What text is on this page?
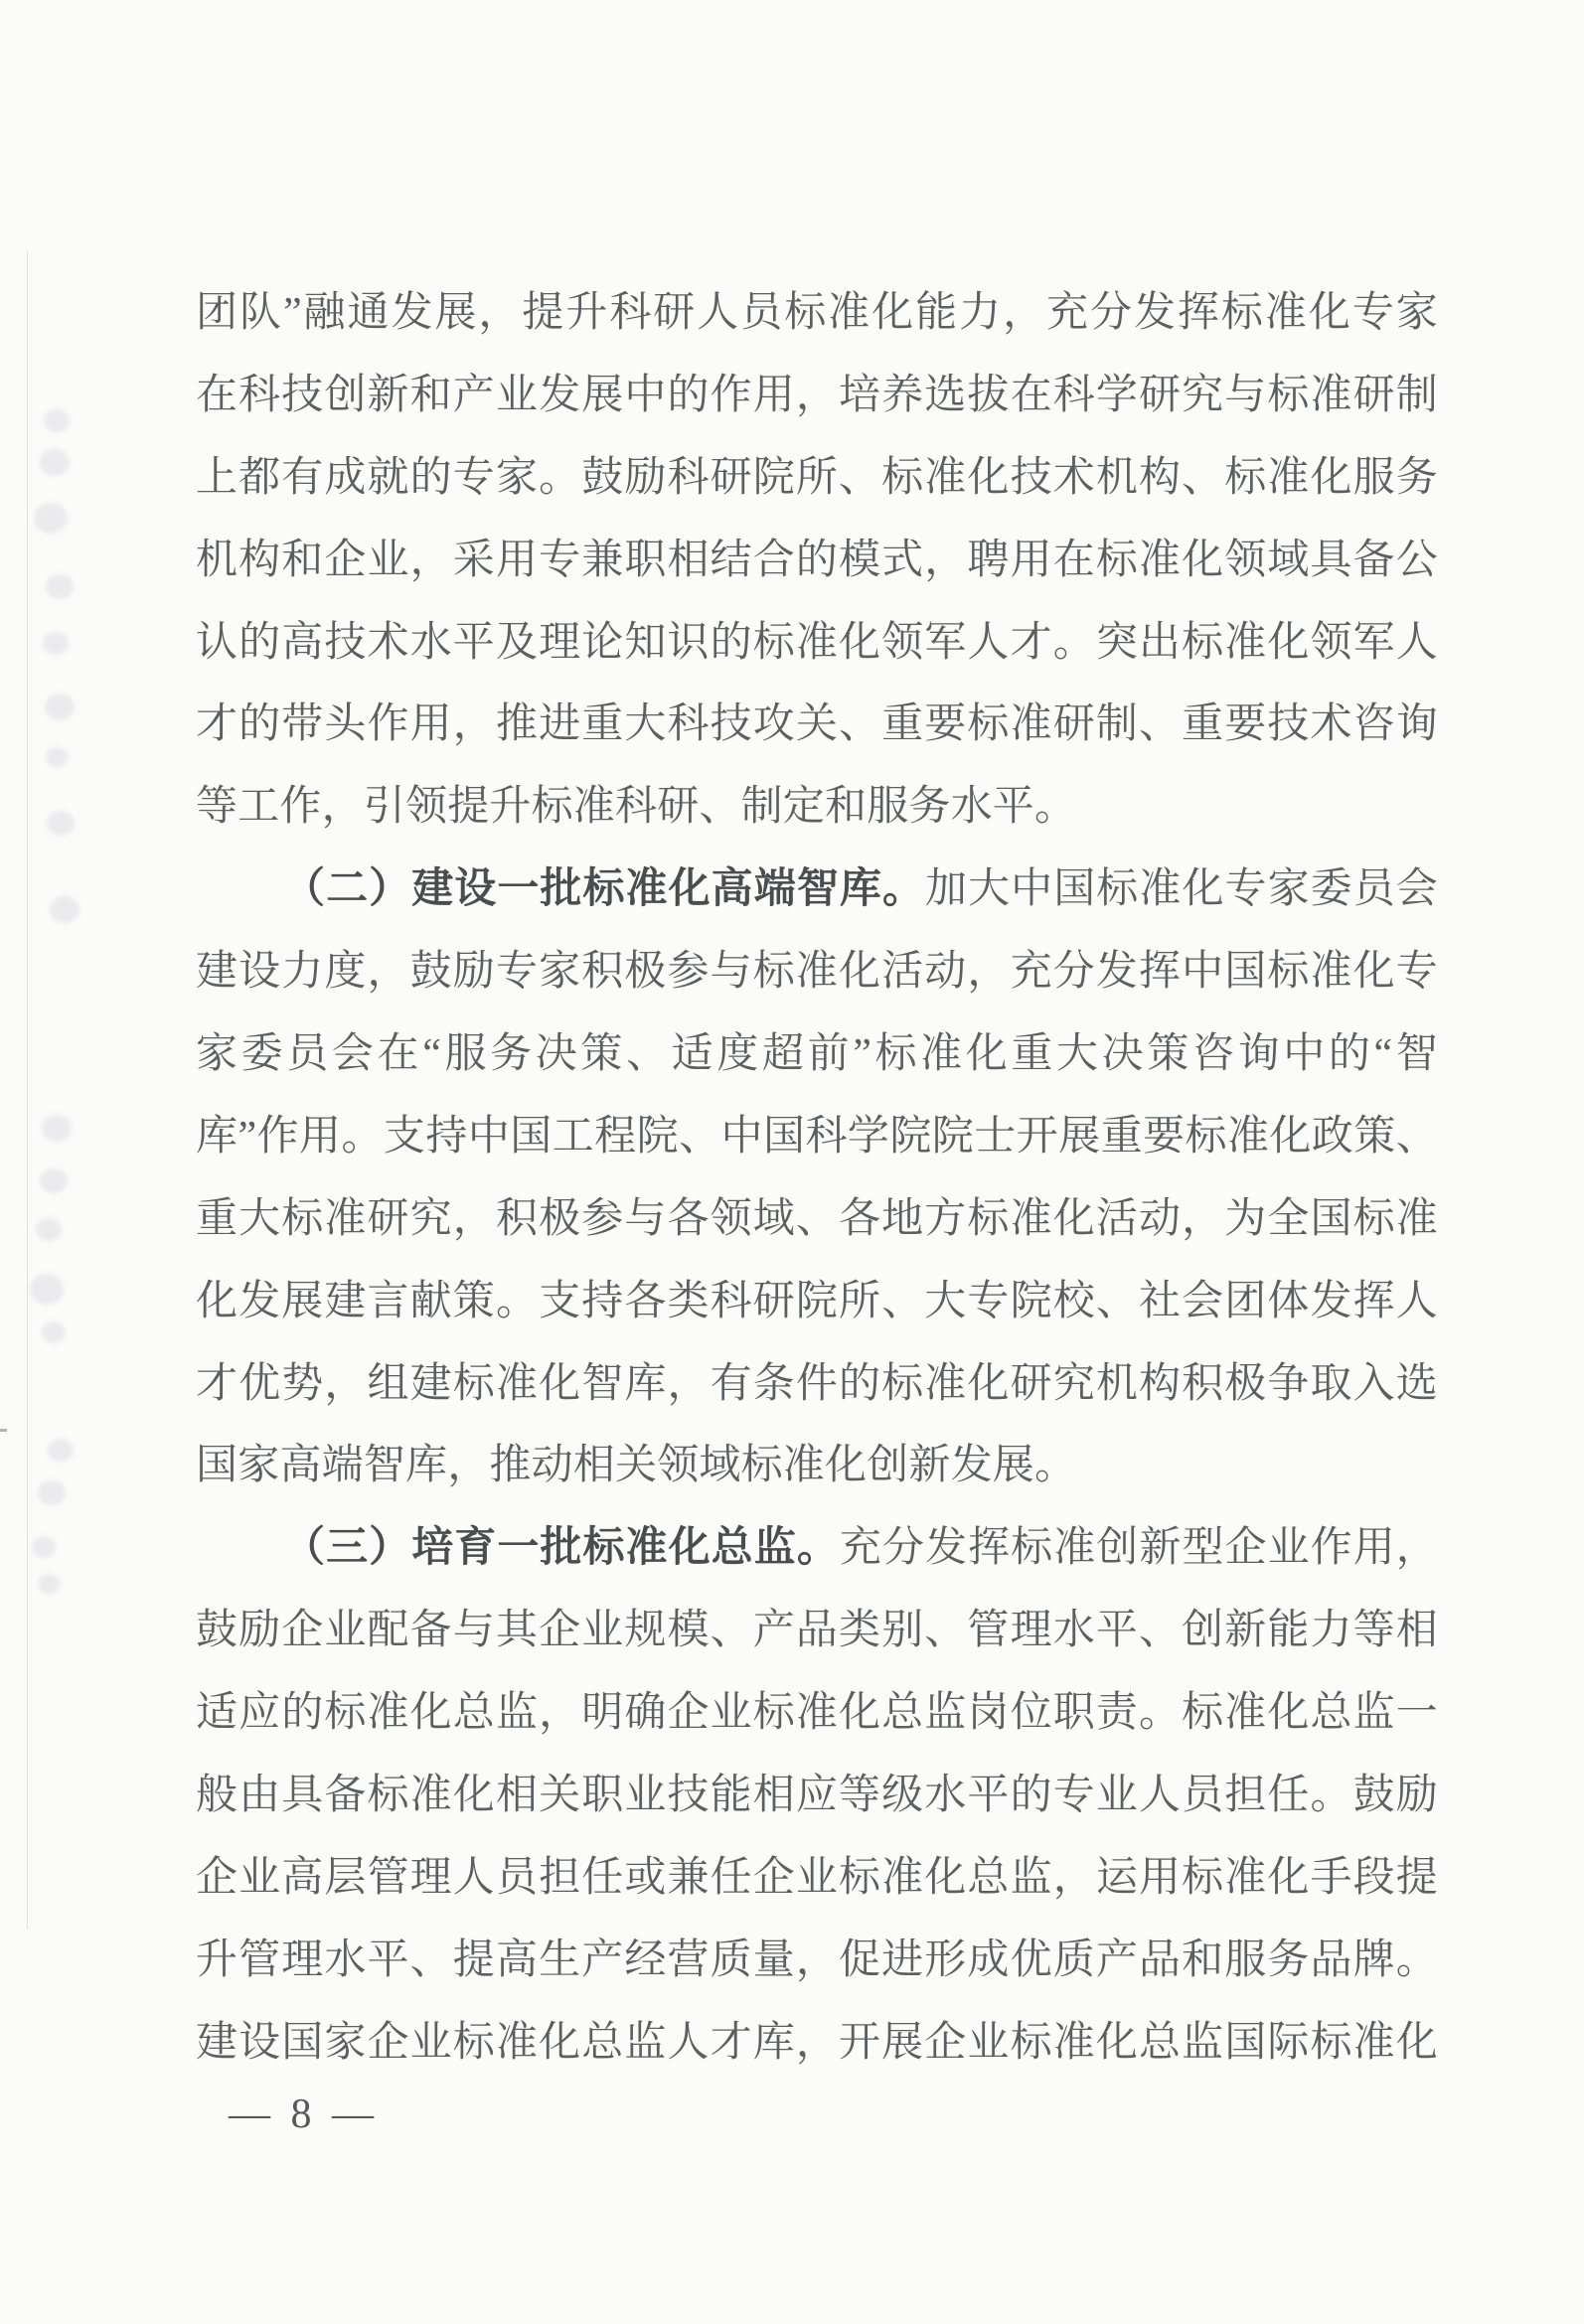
团队”融通发展，提升科研人员标准化能力，充分发挥标准化专家
在科技创新和产业发展中的作用，培养选拔在科学研究与标准研制
上都有成就的专家。鼓励科研院所、标准化技术机构、标准化服务
机构和企业，采用专兼职相结合的模式，聘用在标准化领域具备公
认的高技术水平及理论知识的标准化领军人才。突出标准化领军人
才的带头作用，推进重大科技攻关、重要标准研制、重要技术咨询
等工作，引领提升标准科研、制定和服务水平。
（二）建设一批标准化高端智库。加大中国标准化专家委员会
建设力度，鼓励专家积极参与标准化活动，充分发挥中国标准化专
家委员会在“服务决策、适度超前”标准化重大决策咨询中的“智
库”作用。支持中国工程院、中国科学院院士开展重要标准化政策、
重大标准研究，积极参与各领域、各地方标准化活动，为全国标准
化发展建言献策。支持各类科研院所、大专院校、社会团体发挥人
才优势，组建标准化智库，有条件的标准化研究机构积极争取入选
国家高端智库，推动相关领域标准化创新发展。
（三）培育一批标准化总监。充分发挥标准创新型企业作用，
鼓励企业配备与其企业规模、产品类别、管理水平、创新能力等相
适应的标准化总监，明确企业标准化总监岗位职责。标准化总监一
般由具备标准化相关职业技能相应等级水平的专业人员担任。鼓励
企业高层管理人员担任或兼任企业标准化总监，运用标准化手段提
升管理水平、提高生产经营质量，促进形成优质产品和服务品牌。
建设国家企业标准化总监人才库，开展企业标准化总监国际标准化
— 8 —
